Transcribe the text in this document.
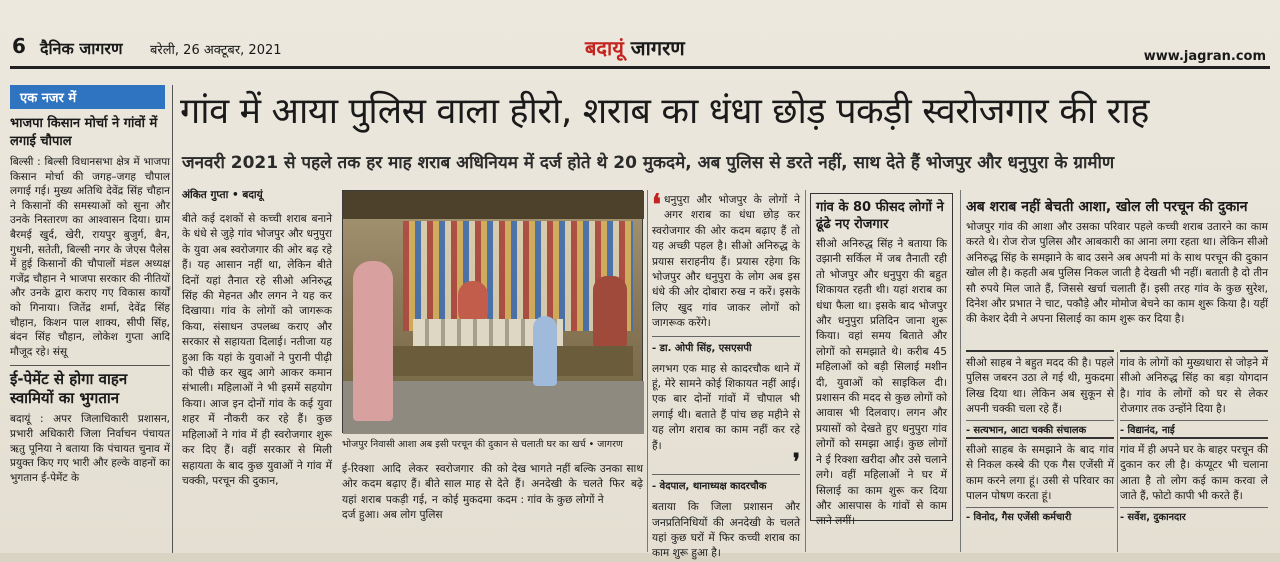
6 दैनिक जागरण बरेली, 26 अक्टूबर, 2021	बदायूं जागरण	www.jagran.com
एक नजर में
भाजपा किसान मोर्चा ने गांवों में लगाई चौपाल
बिल्सी : बिल्सी विधानसभा क्षेत्र में भाजपा किसान मोर्चा की जगह–जगह चौपाल लगाई गई। मुख्य अतिथि देवेंद्र सिंह चौहान ने किसानों की समस्याओं को सुना और उनके निस्तारण का आश्वासन दिया। ग्राम बैरमई खुर्द, खेरी, रायपुर बुजुर्ग, बैन, गुधनी, सतेती, बिल्सी नगर के जेएस पैलेस में हुई किसानों की चौपालों मंडल अध्यक्ष गजेंद्र चौहान ने भाजपा सरकार की नीतियों और उनके द्वारा कराए गए विकास कार्यों को गिनाया। जितेंद्र शर्मा, देवेंद्र सिंह चौहान, किशन पाल शाक्य, सीपी सिंह, बंदन सिंह चौहान, लोकेश गुप्ता आदि मौजूद रहे। संसू
ई-पेमेंट से होगा वाहन स्वामियों का भुगतान
बदायूं : अपर जिलाधिकारी प्रशासन, प्रभारी अधिकारी जिला निर्वाचन पंचायत ऋतु पूनिया ने बताया कि पंचायत चुनाव में प्रयुक्त किए गए भारी और हल्के वाहनों का भुगतान ई-पेमेंट के
गांव में आया पुलिस वाला हीरो, शराब का धंधा छोड़ पकड़ी स्वरोजगार की राह
जनवरी 2021 से पहले तक हर माह शराब अधिनियम में दर्ज होते थे 20 मुकदमे, अब पुलिस से डरते नहीं, साथ देते हैं भोजपुर और धनुपुरा के ग्रामीण
अंकित गुप्ता • बदायूं
बीते कई दशकों से कच्ची शराब बनाने के धंधे से जुड़े गांव भोजपुर और धनुपुरा के युवा अब स्वरोजगार की ओर बढ़ रहे हैं। यह आसान नहीं था, लेकिन बीते दिनों यहां तैनात रहे सीओ अनिरुद्ध सिंह की मेहनत और लगन ने यह कर दिखाया। गांव के लोगों को जागरूक किया, संसाधन उपलब्ध कराए और सरकार से सहायता दिलाई। नतीजा यह हुआ कि यहां के युवाओं ने पुरानी पीढ़ी को पीछे कर खुद आगे आकर कमान संभाली। महिलाओं ने भी इसमें सहयोग किया। आज इन दोनों गांव के कई युवा शहर में नौकरी कर रहे हैं। कुछ महिलाओं ने गांव में ही स्वरोजगार शुरू कर दिए हैं। वहीं सरकार से मिली सहायता के बाद कुछ युवाओं ने गांव में चक्की, परचून की दुकान,
भोजपुर निवासी आशा अब इसी परचून की दुकान से चलाती घर का खर्च • जागरण
ई-रिक्शा आदि लेकर स्वरोजगार की ओर कदम बढ़ाए हैं। बीते साल माह से यहां शराब पकड़ी गई, न कोई मुकदमा दर्ज हुआ। अब लोग पुलिस
को देख भागते नहीं बल्कि उनका साथ देते हैं। अनदेखी के चलते फिर बढ़े कदम : गांव के कुछ लोगों ने
❛ धनुपुरा और भोजपुर के लोगों ने अगर शराब का धंधा छोड़ कर स्वरोजगार की ओर कदम बढ़ाए हैं तो यह अच्छी पहल है। सीओ अनिरुद्ध के प्रयास सराहनीय हैं। प्रयास रहेगा कि भोजपुर और धनुपुरा के लोग अब इस धंधे की ओर दोबारा रुख न करें। इसके लिए खुद गांव जाकर लोगों को जागरूक करेंगे।
- डा. ओपी सिंह, एसएसपी
लगभग एक माह से कादरचौक थाने में हूं, मेरे सामने कोई शिकायत नहीं आई। एक बार दोनों गांवों में चौपाल भी लगाई थी। बताते हैं पांच छह महीने से यह लोग शराब का काम नहीं कर रहे हैं।
❜
- वेदपाल, थानाध्यक्ष कादरचौक
बताया कि जिला प्रशासन और जनप्रतिनिधियों की अनदेखी के चलते यहां कुछ घरों में फिर कच्ची शराब का काम शुरू हुआ है।
गांव के 80 फीसद लोगों ने ढूंढे नए रोजगार
सीओ अनिरुद्ध सिंह ने बताया कि उझानी सर्किल में जब तैनाती रही तो भोजपुर और धनुपुरा की बहुत शिकायत रहती थी। यहां शराब का धंधा फैला था। इसके बाद भोजपुर और धनुपुरा प्रतिदिन जाना शुरू किया। वहां समय बिताते और लोगों को समझाते थे। करीब 45 महिलाओं को बड़ी सिलाई मशीन दी, युवाओं को साइकिल दी। प्रशासन की मदद से कुछ लोगों को आवास भी दिलवाए। लगन और प्रयासों को देखते हुए धनुपुरा गांव लोगों को समझा आई। कुछ लोगों ने ई रिक्शा खरीदा और उसे चलाने लगे। वहीं महिलाओं ने घर में सिलाई का काम शुरू कर दिया और आसपास के गांवों से काम लाने लगीं।
अब शराब नहीं बेचती आशा, खोल ली परचून की दुकान
भोजपुर गांव की आशा और उसका परिवार पहले कच्ची शराब उतारने का काम करते थे। रोज रोज पुलिस और आबकारी का आना लगा रहता था। लेकिन सीओ अनिरुद्ध सिंह के समझाने के बाद उसने अब अपनी मां के साथ परचून की दुकान खोल ली है। कहती अब पुलिस निकल जाती है देखती भी नहीं। बताती है दो तीन सौ रुपये मिल जाते हैं, जिससे खर्चा चलाती हैं। इसी तरह गांव के कुछ सुरेश, दिनेश और प्रभात ने चाट, पकौड़े और मोमोज बेचने का काम शुरू किया है। यहीं की केशर देवी ने अपना सिलाई का काम शुरू कर दिया है।
सीओ साहब ने बहुत मदद की है। पहले पुलिस जबरन उठा ले गई थी, मुकदमा लिख दिया था। लेकिन अब सुकून से अपनी चक्की चला रहे हैं।
- सत्यभान, आटा चक्की संचालक
गांव के लोगों को मुख्यधारा से जोड़ने में सीओ अनिरुद्ध सिंह का बड़ा योगदान है। गांव के लोगों को घर से लेकर रोजगार तक उन्होंने दिया है।
- विद्यानंद, नाई
सीओ साहब के समझाने के बाद गांव से निकल कस्बे की एक गैस एजेंसी में काम करने लगा हूं। उसी से परिवार का पालन पोषण करता हूं।
- विनोद, गैस एजेंसी कर्मचारी
गांव में ही अपने घर के बाहर परचून की दुकान कर ली है। कंप्यूटर भी चलाना आता है तो लोग कई काम करवा ले जाते हैं, फोटो कापी भी करते हैं।
- सर्वेश, दुकानदार
